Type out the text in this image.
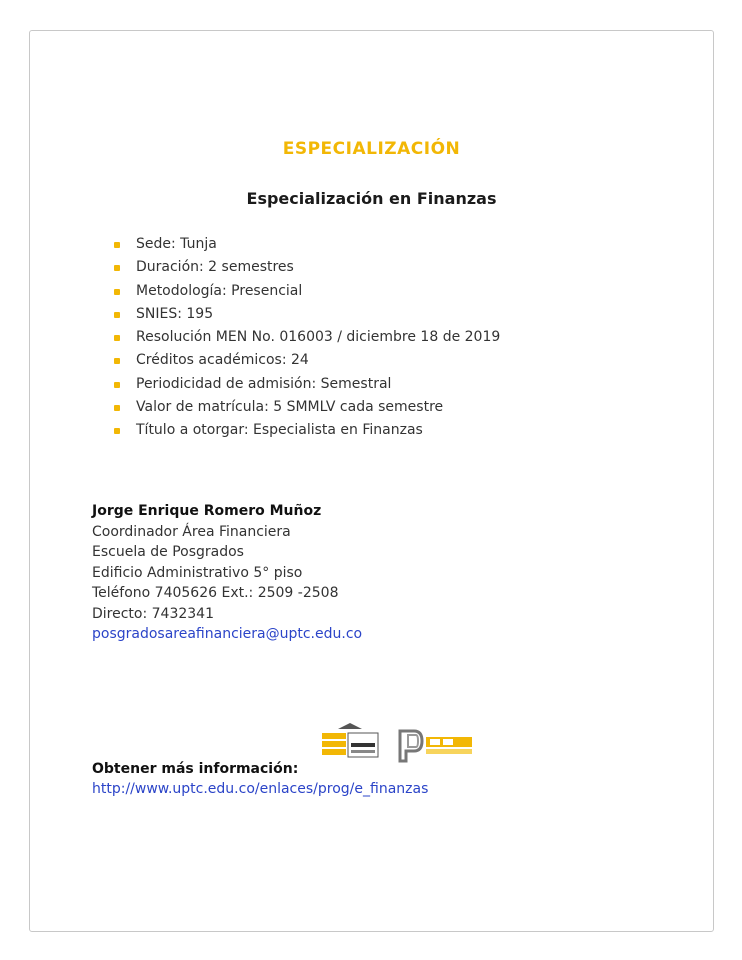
ESPECIALIZACIÓN
Especialización en Finanzas
Sede: Tunja
Duración: 2 semestres
Metodología: Presencial
SNIES: 195
Resolución MEN No. 016003 / diciembre 18 de 2019
Créditos académicos: 24
Periodicidad de admisión: Semestral
Valor de matrícula: 5 SMMLV cada semestre
Título a otorgar: Especialista en Finanzas
Jorge Enrique Romero Muñoz
Coordinador Área Financiera
Escuela de Posgrados
Edificio Administrativo 5° piso
Teléfono 7405626 Ext.: 2509 -2508
Directo: 7432341
posgradosareafinanciera@uptc.edu.co
Obtener más información:
http://www.uptc.edu.co/enlaces/prog/e_finanzas
